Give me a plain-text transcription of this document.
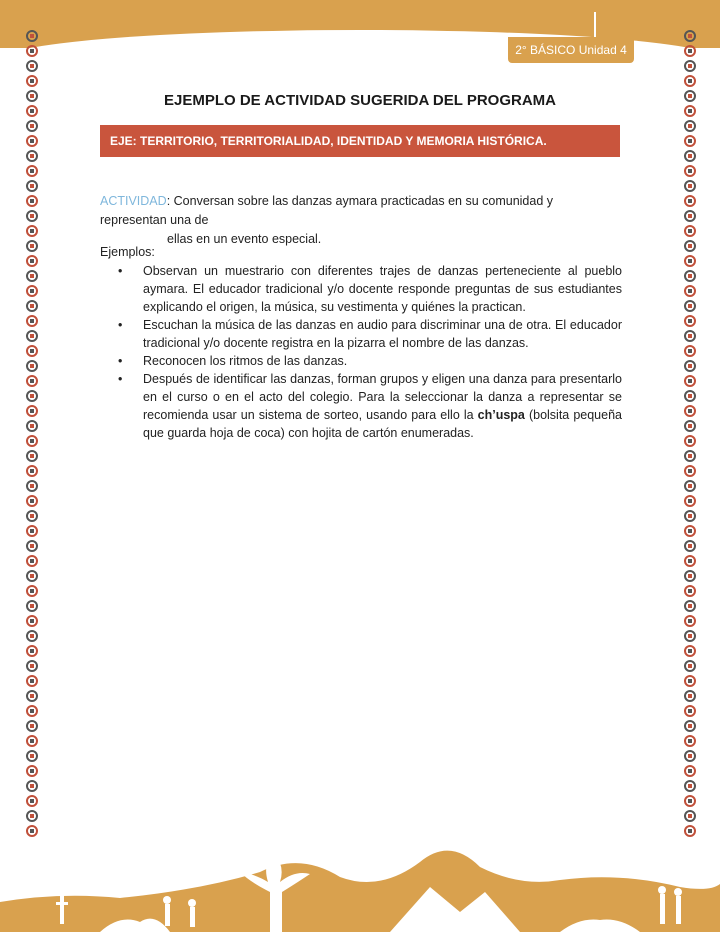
2° BÁSICO Unidad 4
EJEMPLO DE ACTIVIDAD SUGERIDA DEL PROGRAMA
EJE: TERRITORIO, TERRITORIALIDAD, IDENTIDAD Y MEMORIA HISTÓRICA.
ACTIVIDAD: Conversan sobre las danzas aymara practicadas en su comunidad y representan una de
ellas en un evento especial.
Ejemplos:
• Observan un muestrario con diferentes trajes de danzas perteneciente al pueblo aymara. El educador tradicional y/o docente responde preguntas de sus estudiantes explicando el origen, la música, su vestimenta y quiénes la practican.
• Escuchan la música de las danzas en audio para discriminar una de otra. El educador tradicional y/o docente registra en la pizarra el nombre de las danzas.
• Reconocen los ritmos de las danzas.
• Después de identificar las danzas, forman grupos y eligen una danza para presentarlo en el curso o en el acto del colegio. Para la seleccionar la danza a representar se recomienda usar un sistema de sorteo, usando para ello la ch’uspa (bolsita pequeña que guarda hoja de coca) con hojita de cartón enumeradas.
